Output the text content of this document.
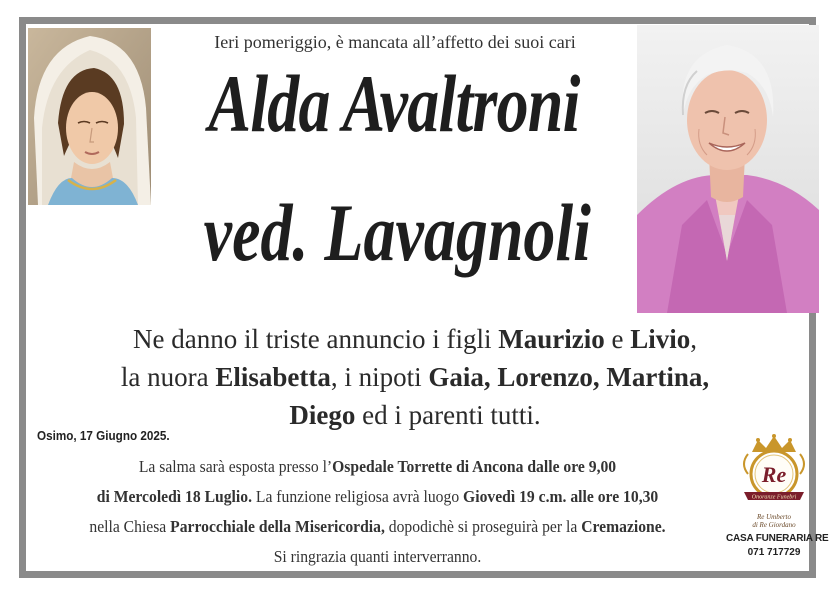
Ieri pomeriggio, è mancata all’affetto dei suoi cari
Alda Avaltroni
ved. Lavagnoli
Ne danno il triste annuncio i figli Maurizio e Livio,
la nuora Elisabetta, i nipoti Gaia, Lorenzo, Martina,
Diego ed i parenti tutti.
Osimo, 17 Giugno 2025.
La salma sarà esposta presso l’Ospedale Torrette di Ancona dalle ore 9,00
di Mercoledì 18 Luglio. La funzione religiosa avrà luogo Giovedì 19 c.m. alle ore 10,30
nella Chiesa Parrocchiale della Misericordia, dopodichè si proseguirà per la Cremazione.
Si ringrazia quanti interverranno.
Re
Onoranze Funebri
Re Umberto
di Re Giordano
CASA FUNERARIA RE
071 717729
